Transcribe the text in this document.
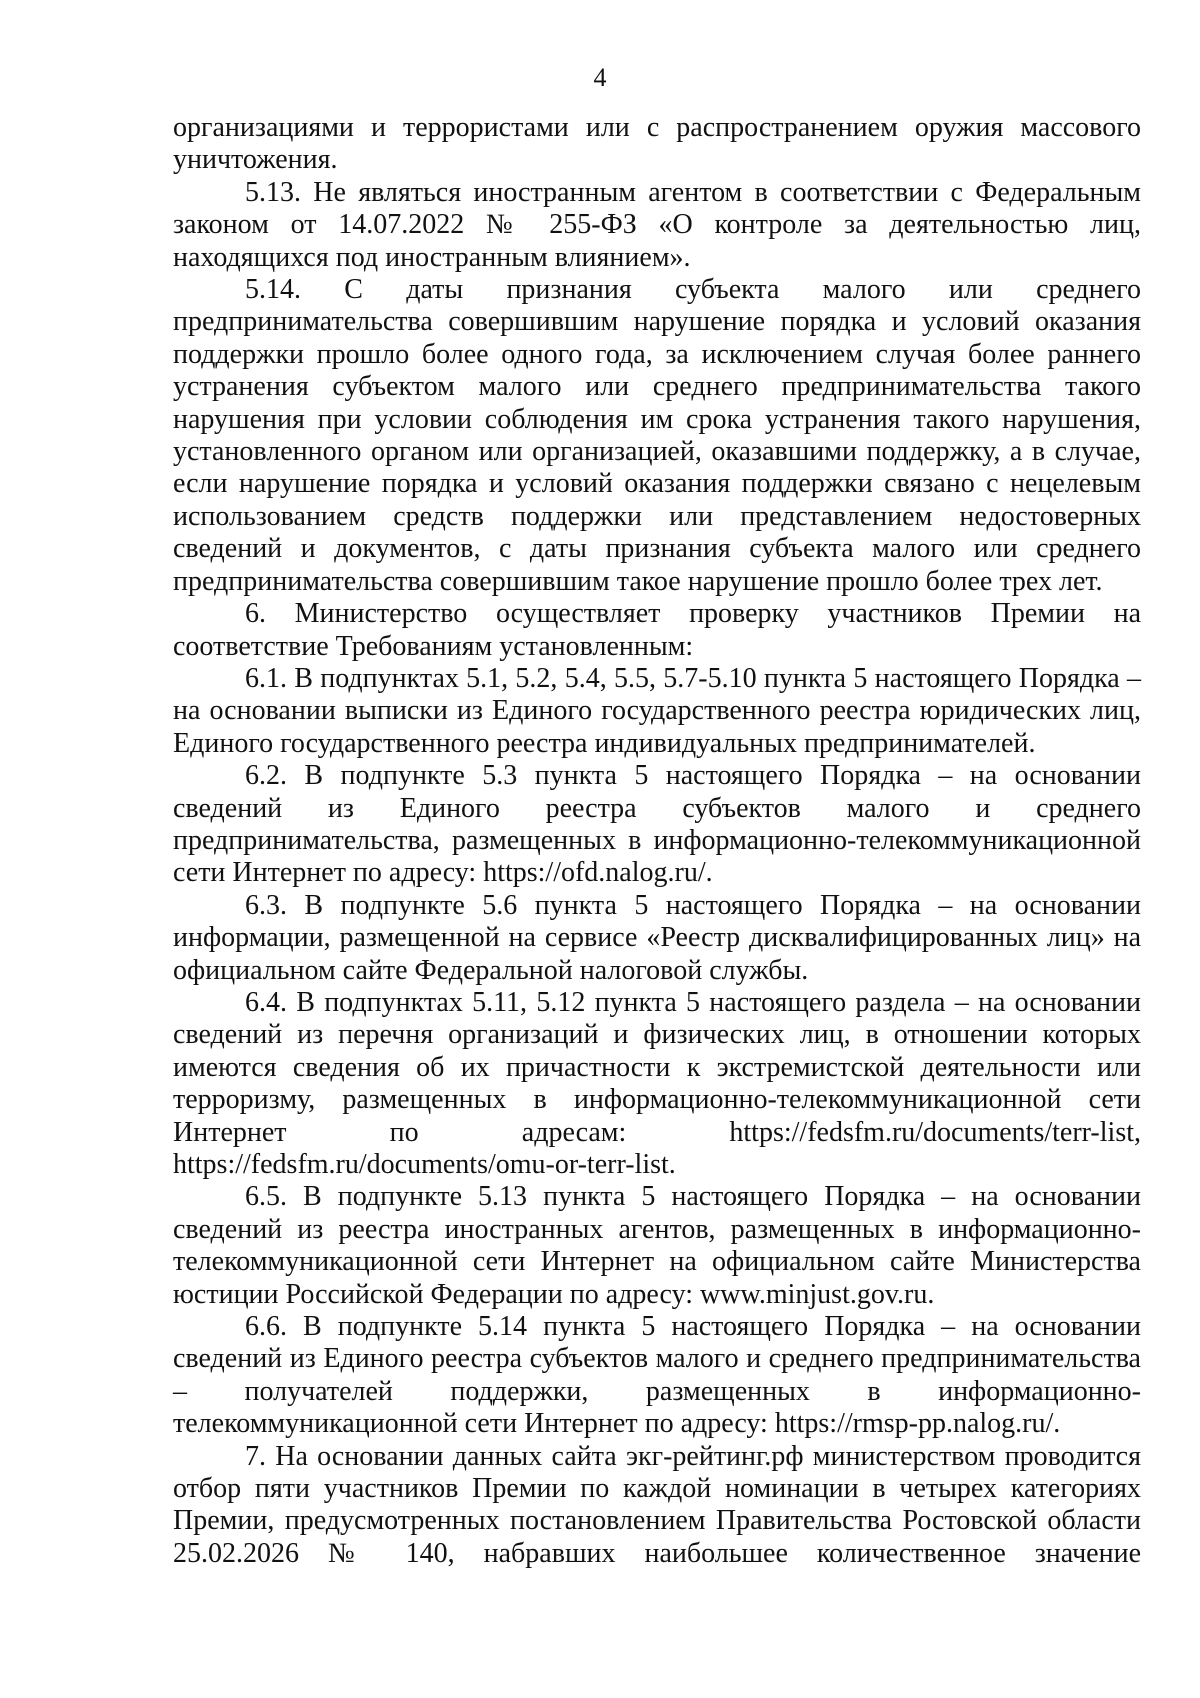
4

организациями и террористами или с распространением оружия массового уничтожения.

5.13. Не являться иностранным агентом в соответствии с Федеральным законом от 14.07.2022 № 255-ФЗ «О контроле за деятельностью лиц, находящихся под иностранным влиянием».

5.14. С даты признания субъекта малого или среднего предпринимательства совершившим нарушение порядка и условий оказания поддержки прошло более одного года, за исключением случая более раннего устранения субъектом малого или среднего предпринимательства такого нарушения при условии соблюдения им срока устранения такого нарушения, установленного органом или организацией, оказавшими поддержку, а в случае, если нарушение порядка и условий оказания поддержки связано с нецелевым использованием средств поддержки или представлением недостоверных сведений и документов, с даты признания субъекта малого или среднего предпринимательства совершившим такое нарушение прошло более трех лет.

6. Министерство осуществляет проверку участников Премии на соответствие Требованиям установленным:

6.1. В подпунктах 5.1, 5.2, 5.4, 5.5, 5.7-5.10 пункта 5 настоящего Порядка – на основании выписки из Единого государственного реестра юридических лиц, Единого государственного реестра индивидуальных предпринимателей.

6.2. В подпункте 5.3 пункта 5 настоящего Порядка – на основании сведений из Единого реестра субъектов малого и среднего предпринимательства, размещенных в информационно-телекоммуникационной сети Интернет по адресу: https://ofd.nalog.ru/.

6.3. В подпункте 5.6 пункта 5 настоящего Порядка – на основании информации, размещенной на сервисе «Реестр дисквалифицированных лиц» на официальном сайте Федеральной налоговой службы.

6.4. В подпунктах 5.11, 5.12 пункта 5 настоящего раздела – на основании сведений из перечня организаций и физических лиц, в отношении которых имеются сведения об их причастности к экстремистской деятельности или терроризму, размещенных в информационно-телекоммуникационной сети Интернет по адресам: https://fedsfm.ru/documents/terr-list, https://fedsfm.ru/documents/omu-or-terr-list.

6.5. В подпункте 5.13 пункта 5 настоящего Порядка – на основании сведений из реестра иностранных агентов, размещенных в информационно-телекоммуникационной сети Интернет на официальном сайте Министерства юстиции Российской Федерации по адресу: www.minjust.gov.ru.

6.6. В подпункте 5.14 пункта 5 настоящего Порядка – на основании сведений из Единого реестра субъектов малого и среднего предпринимательства – получателей поддержки, размещенных в информационно-телекоммуникационной сети Интернет по адресу: https://rmsp-pp.nalog.ru/.

7. На основании данных сайта экг-рейтинг.рф министерством проводится отбор пяти участников Премии по каждой номинации в четырех категориях Премии, предусмотренных постановлением Правительства Ростовской области 25.02.2026 № 140, набравших наибольшее количественное значение
